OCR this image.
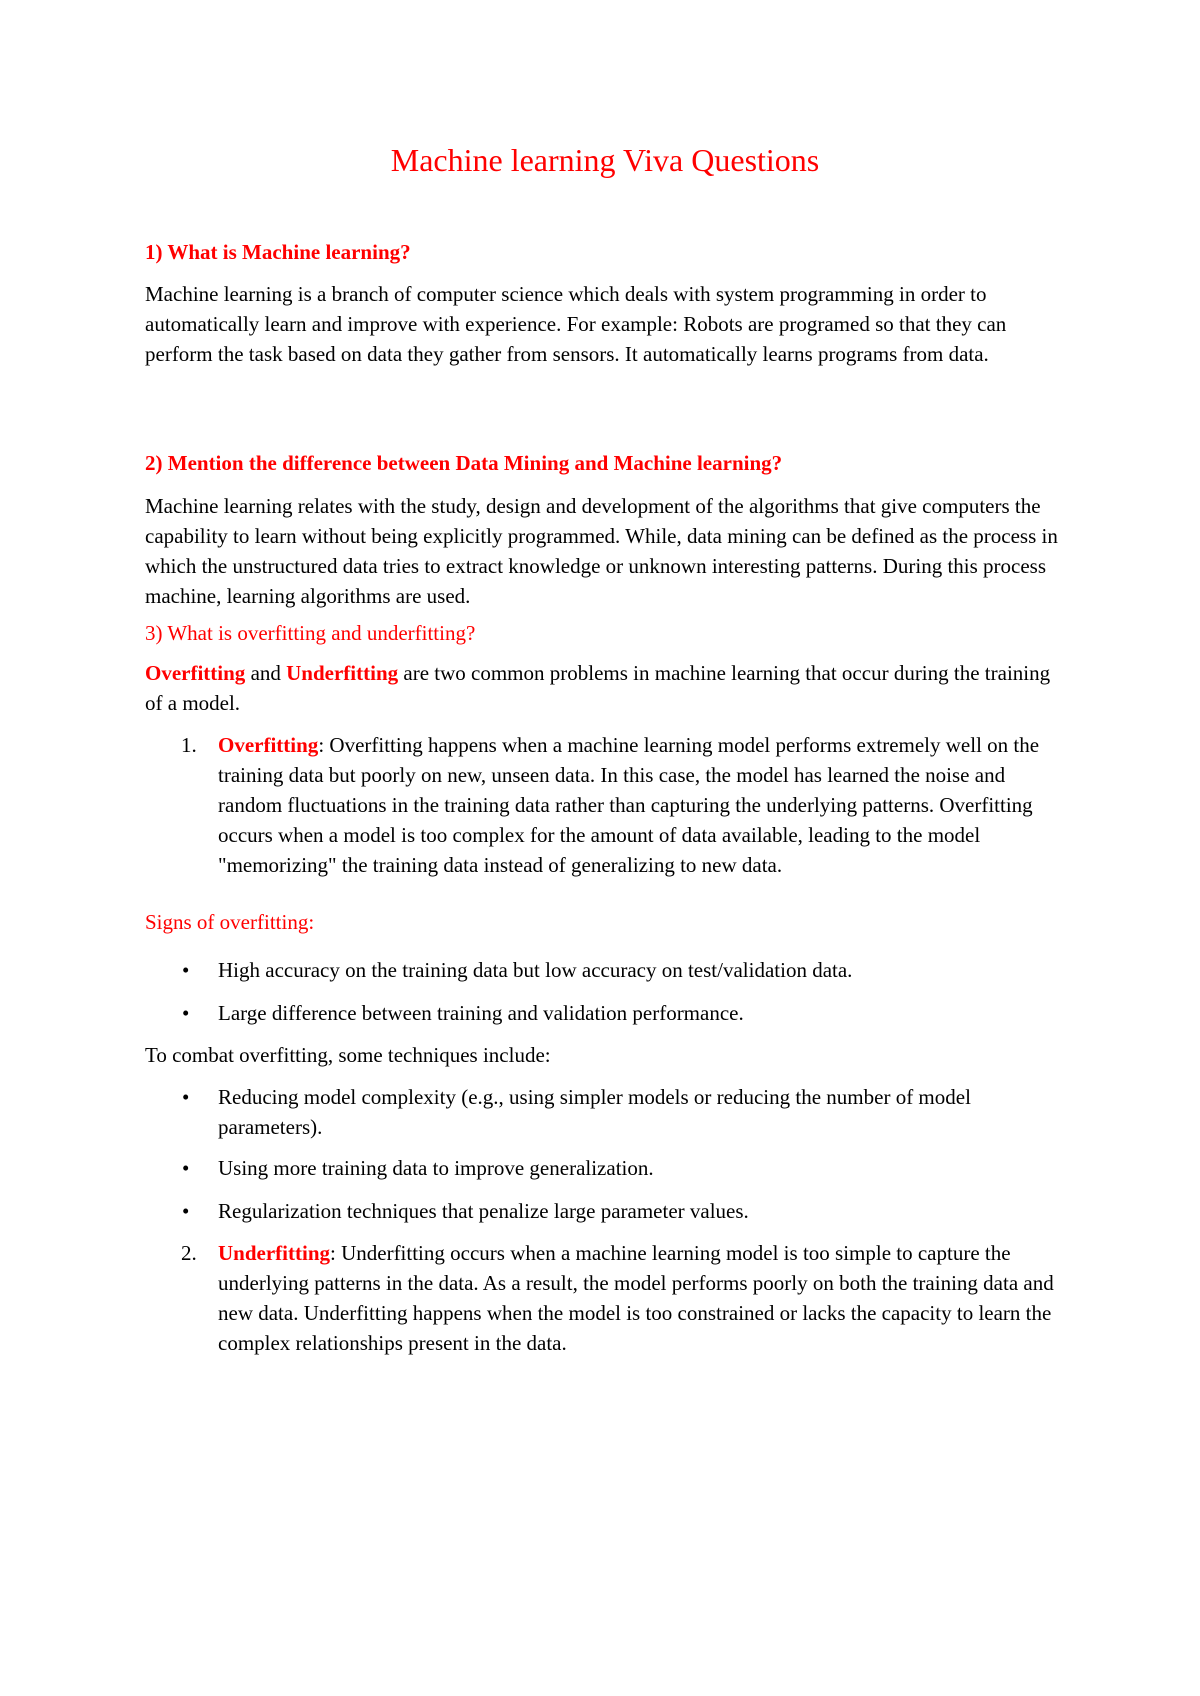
Machine learning Viva Questions

1) What is Machine learning?

Machine learning is a branch of computer science which deals with system programming in order to automatically learn and improve with experience. For example: Robots are programed so that they can perform the task based on data they gather from sensors. It automatically learns programs from data.

2) Mention the difference between Data Mining and Machine learning?

Machine learning relates with the study, design and development of the algorithms that give computers the capability to learn without being explicitly programmed. While, data mining can be defined as the process in which the unstructured data tries to extract knowledge or unknown interesting patterns. During this process machine, learning algorithms are used.

3) What is overfitting and underfitting?

Overfitting and Underfitting are two common problems in machine learning that occur during the training of a model.

1.	Overfitting: Overfitting happens when a machine learning model performs extremely well on the training data but poorly on new, unseen data. In this case, the model has learned the noise and random fluctuations in the training data rather than capturing the underlying patterns. Overfitting occurs when a model is too complex for the amount of data available, leading to the model "memorizing" the training data instead of generalizing to new data.

Signs of overfitting:

•	High accuracy on the training data but low accuracy on test/validation data.
•	Large difference between training and validation performance.

To combat overfitting, some techniques include:

•	Reducing model complexity (e.g., using simpler models or reducing the number of model parameters).
•	Using more training data to improve generalization.
•	Regularization techniques that penalize large parameter values.
2.	Underfitting: Underfitting occurs when a machine learning model is too simple to capture the underlying patterns in the data. As a result, the model performs poorly on both the training data and new data. Underfitting happens when the model is too constrained or lacks the capacity to learn the complex relationships present in the data.
